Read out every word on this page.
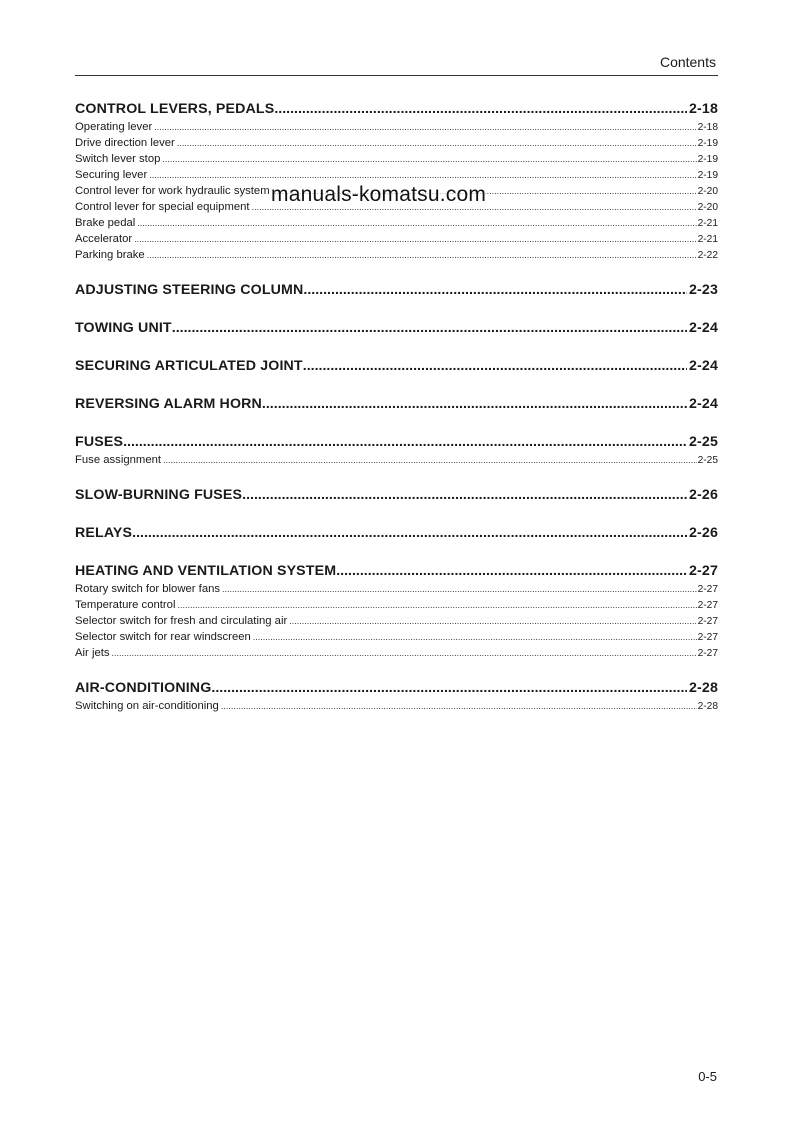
Contents
CONTROL LEVERS, PEDALS .....	2-18
Operating lever .....	2-18
Drive direction lever .....	2-19
Switch lever stop .....	2-19
Securing lever .....	2-19
Control lever for work hydraulic system .....	2-20
Control lever for special equipment .....	2-20
Brake pedal .....	2-21
Accelerator .....	2-21
Parking brake .....	2-22
ADJUSTING STEERING COLUMN .....	2-23
TOWING UNIT .....	2-24
SECURING ARTICULATED JOINT .....	2-24
REVERSING ALARM HORN .....	2-24
FUSES .....	2-25
Fuse assignment .....	2-25
SLOW-BURNING FUSES .....	2-26
RELAYS .....	2-26
HEATING AND VENTILATION SYSTEM .....	2-27
Rotary switch for blower fans .....	2-27
Temperature control .....	2-27
Selector switch for fresh and circulating air .....	2-27
Selector switch for rear windscreen .....	2-27
Air jets .....	2-27
AIR-CONDITIONING .....	2-28
Switching on air-conditioning .....	2-28
manuals-komatsu.com
0-5
